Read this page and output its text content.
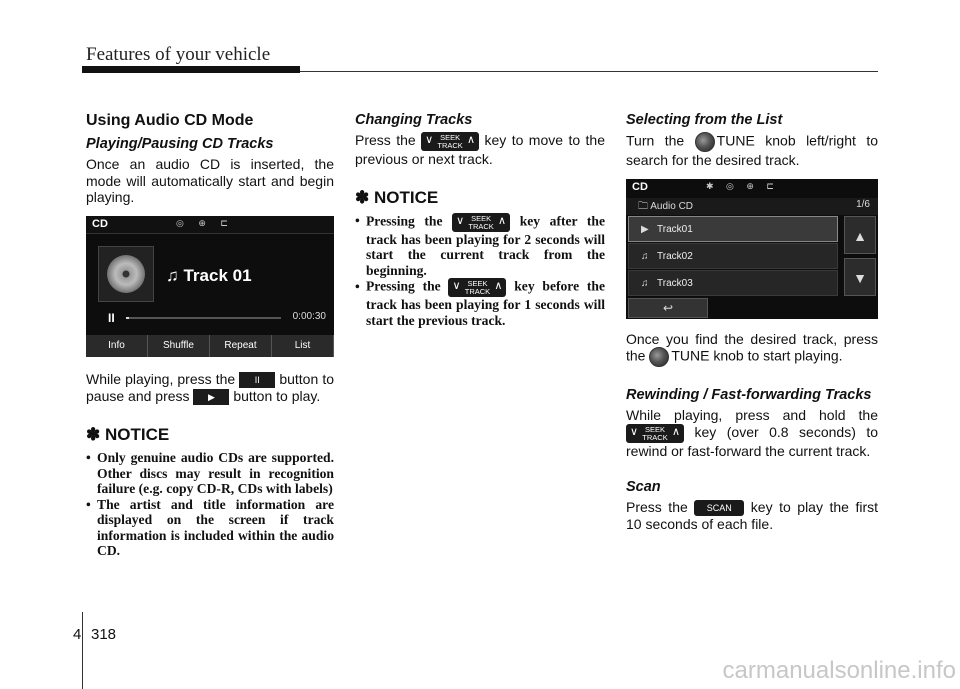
Features of your vehicle
Using Audio CD Mode
Playing/Pausing CD Tracks

Once an audio CD is inserted, the mode will automatically start and begin playing.

CD	◎ ⊕ ⊏
♫ Track 01
II	0:00:30
Info	Shuffle	Repeat	List

While playing, press the II button to pause and press ▶ button to play.

✽ NOTICE
• Only genuine audio CDs are supported. Other discs may result in recognition failure (e.g. copy CD-R, CDs with labels)
• The artist and title information are displayed on the screen if track information is included within the audio CD.
Changing Tracks

Press the ∨ SEEK
TRACK ∧ key to move to the previous or next track.

✽ NOTICE
• Pressing the ∨ SEEK
TRACK ∧ key after the track has been playing for 2 seconds will start the current track from the beginning.
• Pressing the ∨ SEEK
TRACK ∧ key before the track has been playing for 1 seconds will start the previous track.
Selecting from the List

Turn the TUNE knob left/right to search for the desired track.

CD	✱ ◎ ⊕ ⊏
🗀 Audio CD	1/6
▶ Track01
♫ Track02
♫ Track03
▲
▼
↩

Once you find the desired track, press the TUNE knob to start playing.

Rewinding / Fast-forwarding Tracks

While playing, press and hold the
∨ SEEK
TRACK ∧ key (over 0.8 seconds) to rewind or fast-forward the current track.

Scan

Press the SCAN key to play the first 10 seconds of each file.

4 318
carmanualsonline.info
